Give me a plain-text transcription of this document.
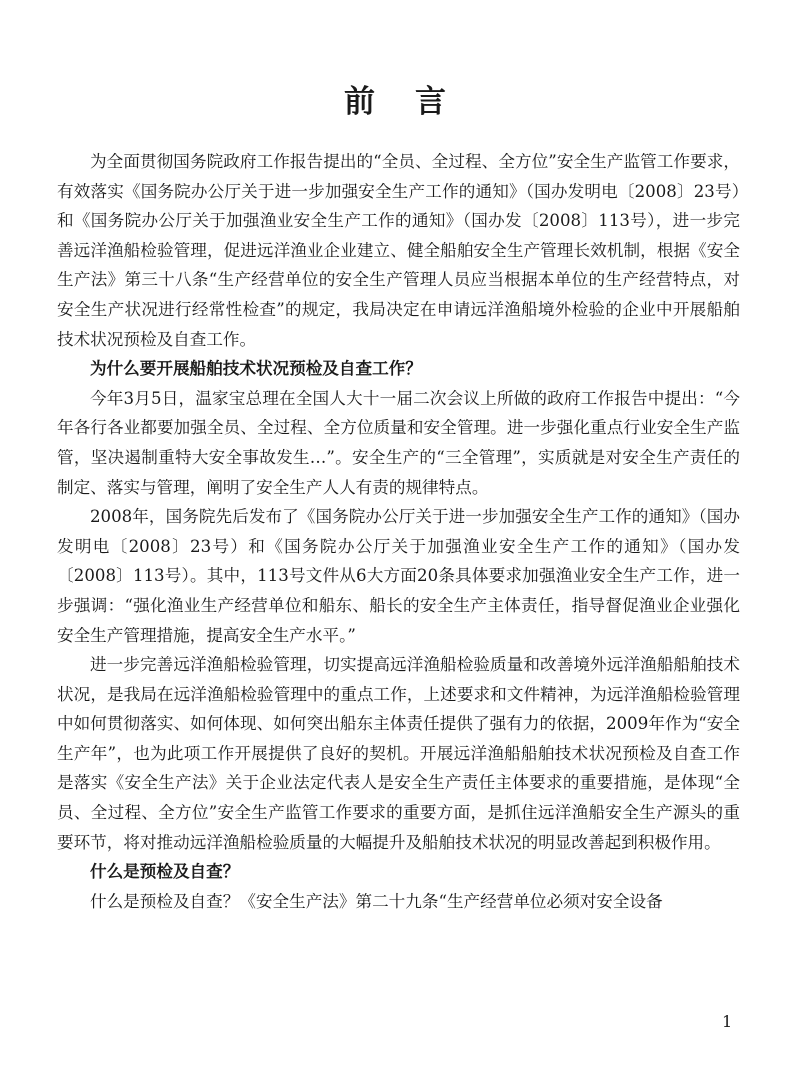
前言

为全面贯彻国务院政府工作报告提出的“全员、全过程、全方位”安全生产监管工作要求，有效落实《国务院办公厅关于进一步加强安全生产工作的通知》（国办发明电〔2008〕23号）和《国务院办公厅关于加强渔业安全生产工作的通知》（国办发〔2008〕113号），进一步完善远洋渔船检验管理，促进远洋渔业企业建立、健全船舶安全生产管理长效机制，根据《安全生产法》第三十八条“生产经营单位的安全生产管理人员应当根据本单位的生产经营特点，对安全生产状况进行经常性检查”的规定，我局决定在申请远洋渔船境外检验的企业中开展船舶技术状况预检及自查工作。

为什么要开展船舶技术状况预检及自查工作？

今年3月5日，温家宝总理在全国人大十一届二次会议上所做的政府工作报告中提出：“今年各行各业都要加强全员、全过程、全方位质量和安全管理。进一步强化重点行业安全生产监管，坚决遏制重特大安全事故发生…”。安全生产的“三全管理”，实质就是对安全生产责任的制定、落实与管理，阐明了安全生产人人有责的规律特点。

2008年，国务院先后发布了《国务院办公厅关于进一步加强安全生产工作的通知》（国办发明电〔2008〕23号）和《国务院办公厅关于加强渔业安全生产工作的通知》（国办发〔2008〕113号）。其中，113号文件从6大方面20条具体要求加强渔业安全生产工作，进一步强调：“强化渔业生产经营单位和船东、船长的安全生产主体责任，指导督促渔业企业强化安全生产管理措施，提高安全生产水平。”

进一步完善远洋渔船检验管理，切实提高远洋渔船检验质量和改善境外远洋渔船船舶技术状况，是我局在远洋渔船检验管理中的重点工作，上述要求和文件精神，为远洋渔船检验管理中如何贯彻落实、如何体现、如何突出船东主体责任提供了强有力的依据，2009年作为“安全生产年”，也为此项工作开展提供了良好的契机。开展远洋渔船船舶技术状况预检及自查工作是落实《安全生产法》关于企业法定代表人是安全生产责任主体要求的重要措施，是体现“全员、全过程、全方位”安全生产监管工作要求的重要方面，是抓住远洋渔船安全生产源头的重要环节，将对推动远洋渔船检验质量的大幅提升及船舶技术状况的明显改善起到积极作用。

什么是预检及自查？

什么是预检及自查？《安全生产法》第二十九条“生产经营单位必须对安全设备

1
